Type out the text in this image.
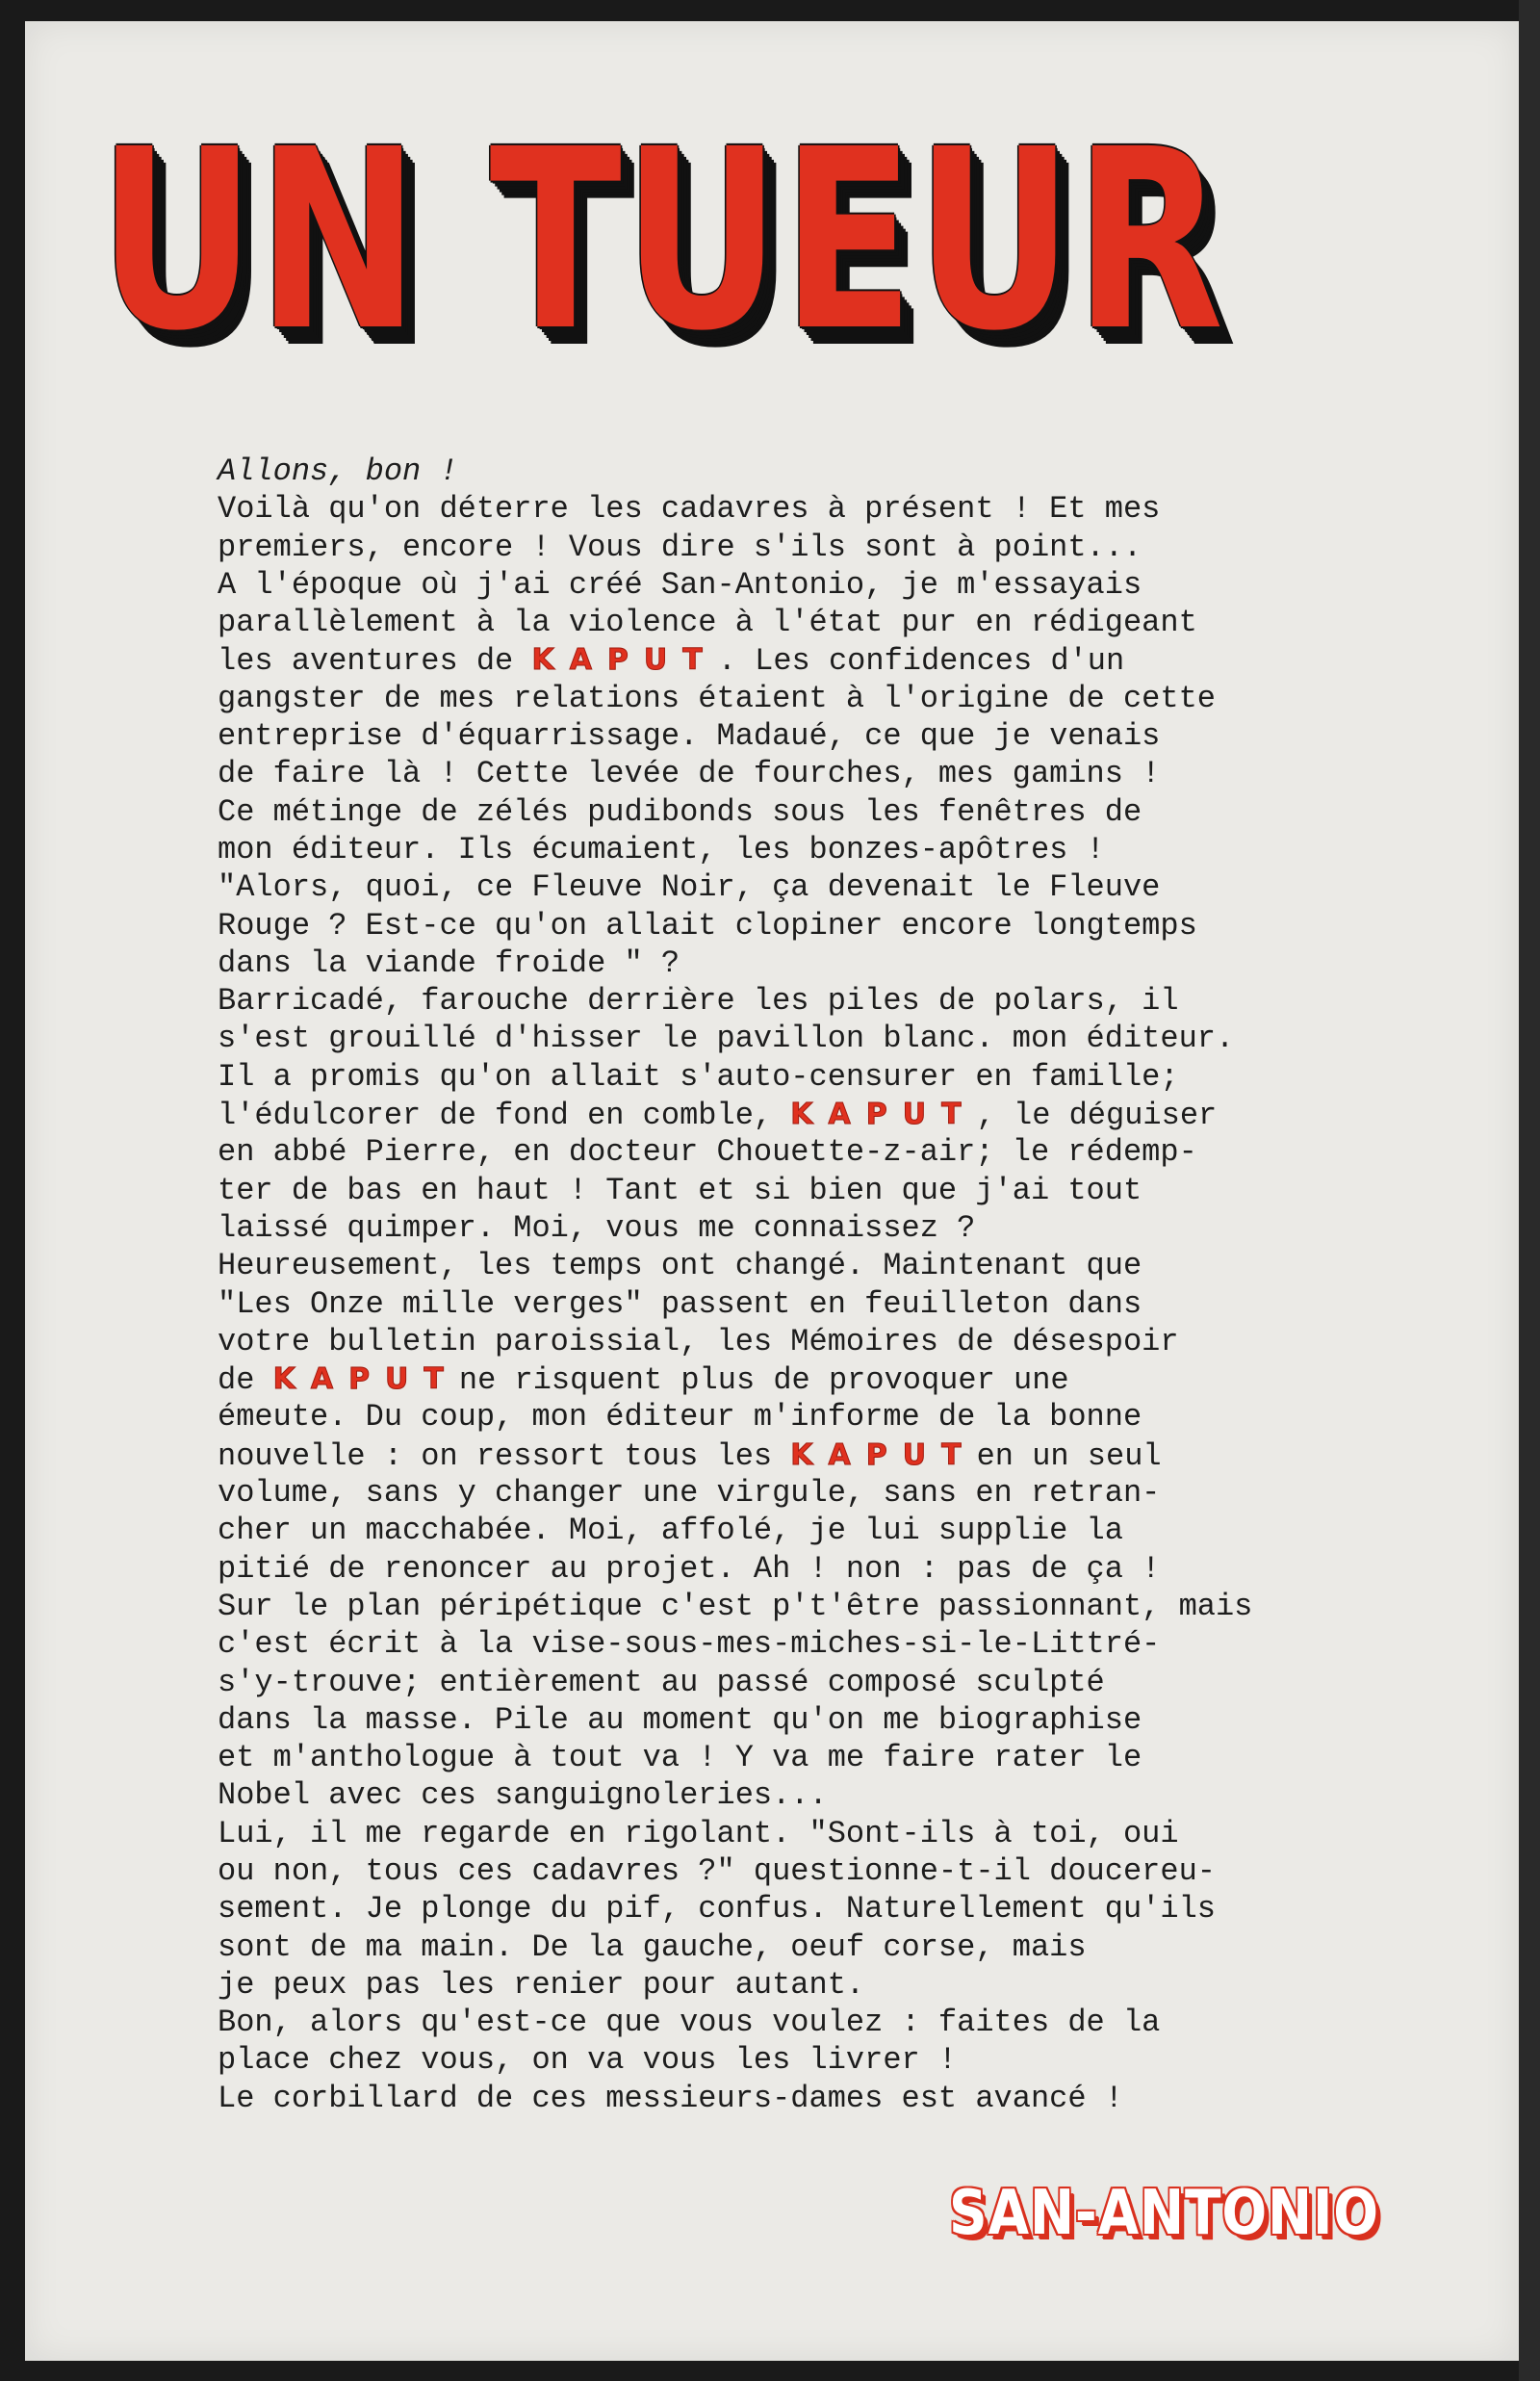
UN TUEUR
Allons, bon !
Voilà qu'on déterre les cadavres à présent ! Et mes
premiers, encore ! Vous dire s'ils sont à point...
A l'époque où j'ai créé San-Antonio, je m'essayais
parallèlement à la violence à l'état pur en rédigeant
les aventures de KAPUT. Les confidences d'un
gangster de mes relations étaient à l'origine de cette
entreprise d'équarrissage. Madaué, ce que je venais
de faire là ! Cette levée de fourches, mes gamins !
Ce métinge de zélés pudibonds sous les fenêtres de
mon éditeur. Ils écumaient, les bonzes-apôtres !
"Alors, quoi, ce Fleuve Noir, ça devenait le Fleuve
Rouge ? Est-ce qu'on allait clopiner encore longtemps
dans la viande froide " ?
Barricadé, farouche derrière les piles de polars, il
s'est grouillé d'hisser le pavillon blanc. mon éditeur.
Il a promis qu'on allait s'auto-censurer en famille;
l'édulcorer de fond en comble, KAPUT, le déguiser
en abbé Pierre, en docteur Chouette-z-air; le rédemp-
ter de bas en haut ! Tant et si bien que j'ai tout
laissé quimper. Moi, vous me connaissez ?
Heureusement, les temps ont changé. Maintenant que
"Les Onze mille verges" passent en feuilleton dans
votre bulletin paroissial, les Mémoires de désespoir
de KAPUTne risquent plus de provoquer une
émeute. Du coup, mon éditeur m'informe de la bonne
nouvelle : on ressort tous les KAPUTen un seul
volume, sans y changer une virgule, sans en retran-
cher un macchabée. Moi, affolé, je lui supplie la
pitié de renoncer au projet. Ah ! non : pas de ça !
Sur le plan péripétique c'est p't'être passionnant, mais
c'est écrit à la vise-sous-mes-miches-si-le-Littré-
s'y-trouve; entièrement au passé composé sculpté
dans la masse. Pile au moment qu'on me biographise
et m'anthologue à tout va ! Y va me faire rater le
Nobel avec ces sanguignoleries...
Lui, il me regarde en rigolant. "Sont-ils à toi, oui
ou non, tous ces cadavres ?" questionne-t-il doucereu-
sement. Je plonge du pif, confus. Naturellement qu'ils
sont de ma main. De la gauche, oeuf corse, mais
je peux pas les renier pour autant.
Bon, alors qu'est-ce que vous voulez : faites de la
place chez vous, on va vous les livrer !
Le corbillard de ces messieurs-dames est avancé !
SAN-ANTONIO
